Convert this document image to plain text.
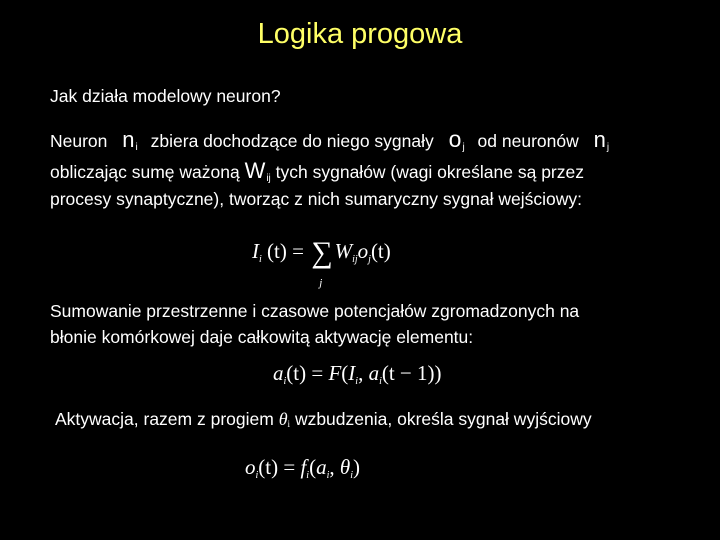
Logika progowa
Jak działa modelowy neuron?
Neuron $n_i$ zbiera dochodzące do niego sygnały $o_j$ od neuronów $n_j$
obliczając sumę ważoną $W_{ij}$ tych sygnałów (wagi określane są przez
procesy synaptyczne), tworząc z nich sumaryczny sygnał wejściowy:
$I_i$ (t) = ∑
j
$W_{ij}o_j(t)$
Sumowanie przestrzenne i czasowe potencjałów zgromadzonych na
błonie komórkowej daje całkowitą aktywację elementu:
$a_i(t) = F(I_i$, $a_i(t - 1)$)
Aktywacja, razem z progiem $\theta_i$ wzbudzenia, określa sygnał wyjściowy
$o_i(t) = f_i(a_i$, $\theta_i$)
